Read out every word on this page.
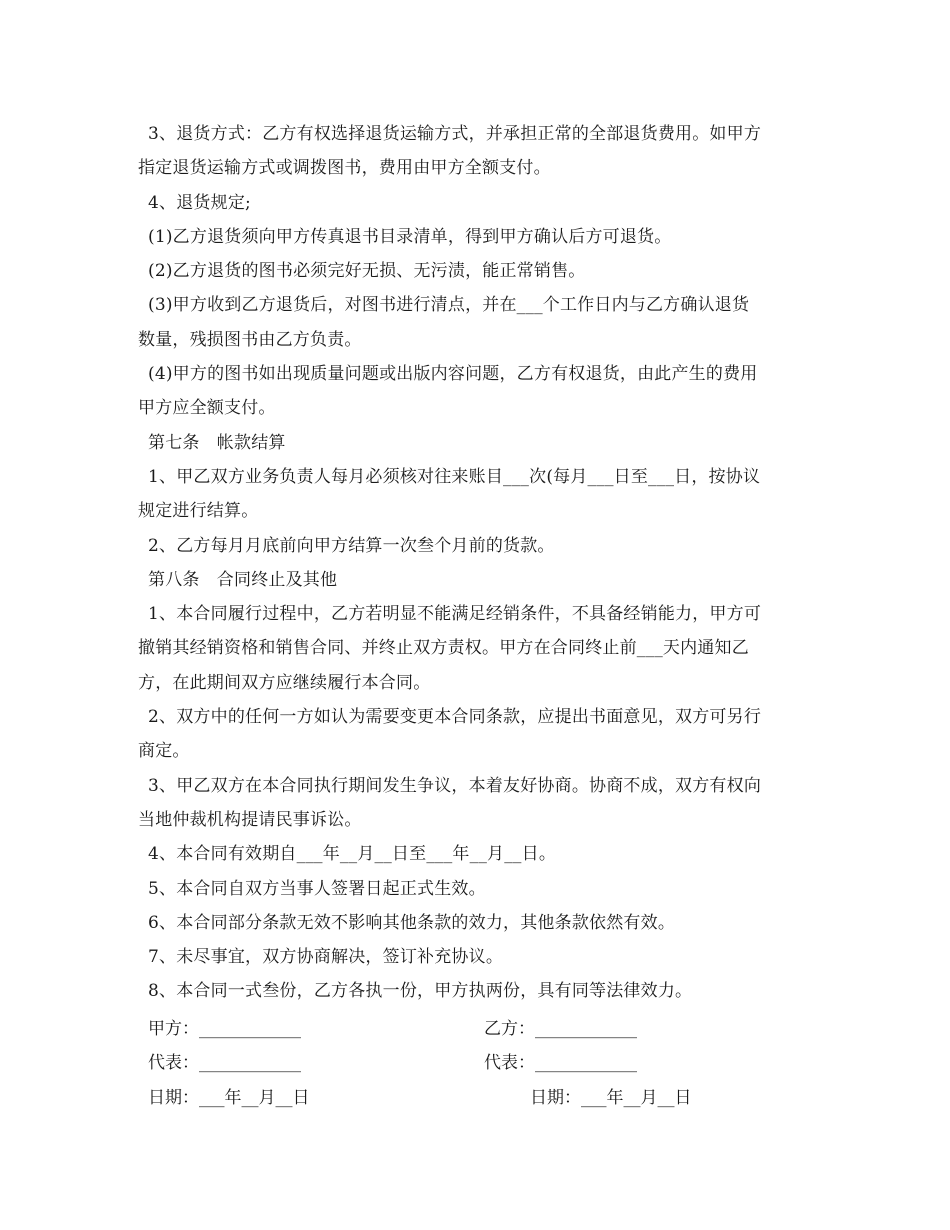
3、退货方式：乙方有权选择退货运输方式，并承担正常的全部退货费用。如甲方

指定退货运输方式或调拨图书，费用由甲方全额支付。

4、退货规定;

(1)乙方退货须向甲方传真退书目录清单，得到甲方确认后方可退货。

(2)乙方退货的图书必须完好无损、无污渍，能正常销售。

(3)甲方收到乙方退货后，对图书进行清点，并在___个工作日内与乙方确认退货

数量，残损图书由乙方负责。

(4)甲方的图书如出现质量问题或出版内容问题，乙方有权退货，由此产生的费用

甲方应全额支付。

第七条　帐款结算

1、甲乙双方业务负责人每月必须核对往来账目___次(每月___日至___日，按协议

规定进行结算。

2、乙方每月月底前向甲方结算一次叁个月前的货款。

第八条　合同终止及其他

1、本合同履行过程中，乙方若明显不能满足经销条件，不具备经销能力，甲方可

撤销其经销资格和销售合同、并终止双方责权。甲方在合同终止前___天内通知乙

方，在此期间双方应继续履行本合同。

2、双方中的任何一方如认为需要变更本合同条款，应提出书面意见，双方可另行

商定。

3、甲乙双方在本合同执行期间发生争议，本着友好协商。协商不成，双方有权向

当地仲裁机构提请民事诉讼。

4、本合同有效期自___年__月__日至___年__月__日。

5、本合同自双方当事人签署日起正式生效。

6、本合同部分条款无效不影响其他条款的效力，其他条款依然有效。

7、未尽事宜，双方协商解决，签订补充协议。

8、本合同一式叁份，乙方各执一份，甲方执两份，具有同等法律效力。

甲方：____________	乙方：____________
代表：____________	代表：____________
日期：___年__月__日	日期：___年__月__日
